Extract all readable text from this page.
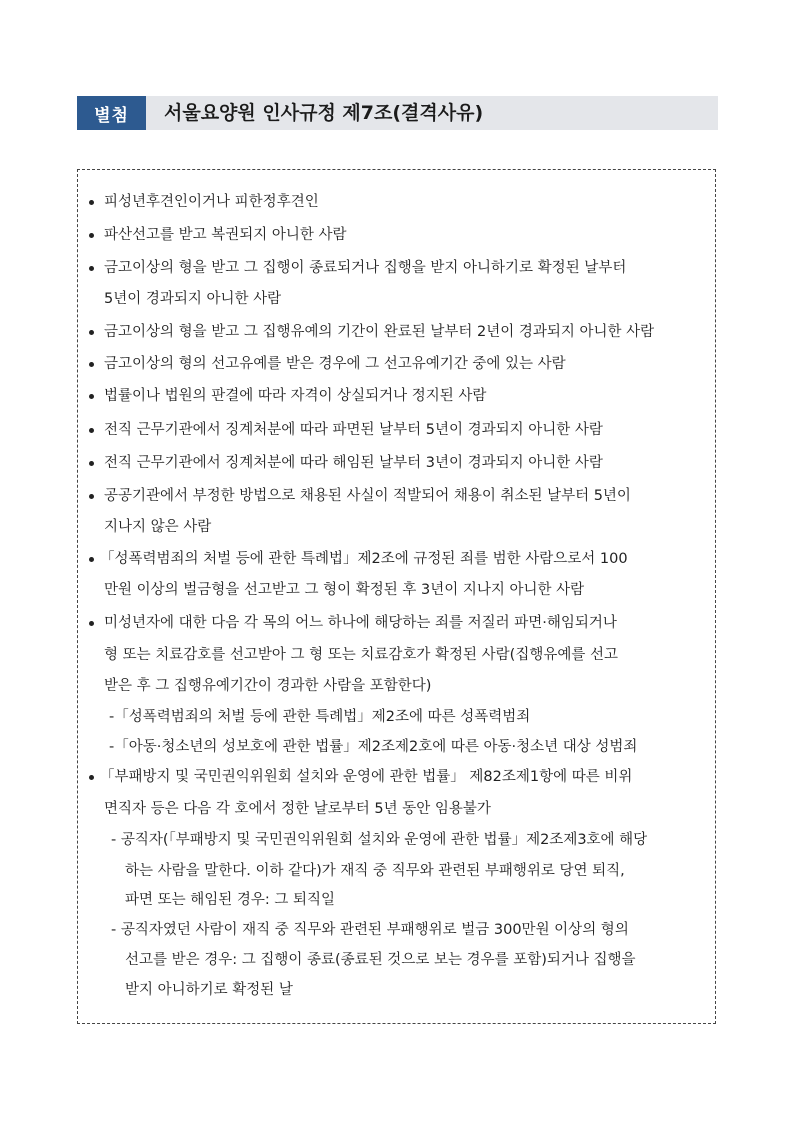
별첨	서울요양원 인사규정 제7조(결격사유)
피성년후견인이거나 피한정후견인
파산선고를 받고 복권되지 아니한 사람
금고이상의 형을 받고 그 집행이 종료되거나 집행을 받지 아니하기로 확정된 날부터
5년이 경과되지 아니한 사람
금고이상의 형을 받고 그 집행유예의 기간이 완료된 날부터 2년이 경과되지 아니한 사람
금고이상의 형의 선고유예를 받은 경우에 그 선고유예기간 중에 있는 사람
법률이나 법원의 판결에 따라 자격이 상실되거나 정지된 사람
전직 근무기관에서 징계처분에 따라 파면된 날부터 5년이 경과되지 아니한 사람
전직 근무기관에서 징계처분에 따라 해임된 날부터 3년이 경과되지 아니한 사람
공공기관에서 부정한 방법으로 채용된 사실이 적발되어 채용이 취소된 날부터 5년이
지나지 않은 사람
「성폭력범죄의 처벌 등에 관한 특례법」제2조에 규정된 죄를 범한 사람으로서 100
만원 이상의 벌금형을 선고받고 그 형이 확정된 후 3년이 지나지 아니한 사람
미성년자에 대한 다음 각 목의 어느 하나에 해당하는 죄를 저질러 파면·해임되거나
형 또는 치료감호를 선고받아 그 형 또는 치료감호가 확정된 사람(집행유예를 선고
받은 후 그 집행유예기간이 경과한 사람을 포함한다)
-「성폭력범죄의 처벌 등에 관한 특례법」제2조에 따른 성폭력범죄
-「아동·청소년의 성보호에 관한 법률」제2조제2호에 따른 아동·청소년 대상 성범죄
「부패방지 및 국민권익위원회 설치와 운영에 관한 법률」 제82조제1항에 따른 비위
면직자 등은 다음 각 호에서 정한 날로부터 5년 동안 임용불가
- 공직자(「부패방지 및 국민권익위원회 설치와 운영에 관한 법률」제2조제3호에 해당
하는 사람을 말한다. 이하 같다)가 재직 중 직무와 관련된 부패행위로 당연 퇴직,
파면 또는 해임된 경우: 그 퇴직일
- 공직자였던 사람이 재직 중 직무와 관련된 부패행위로 벌금 300만원 이상의 형의
선고를 받은 경우: 그 집행이 종료(종료된 것으로 보는 경우를 포함)되거나 집행을
받지 아니하기로 확정된 날
